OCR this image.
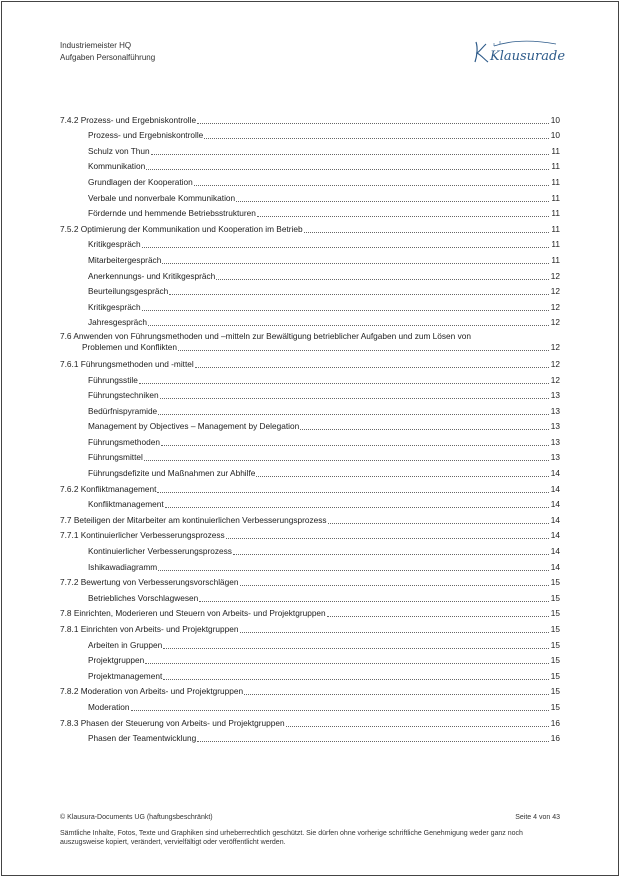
Industriemeister HQ
Aufgaben Personalführung	Klausurade
7.4.2 Prozess- und Ergebniskontrolle	10
Prozess- und Ergebniskontrolle	10
Schulz von Thun	11
Kommunikation	11
Grundlagen der Kooperation	11
Verbale und nonverbale Kommunikation	11
Fördernde und hemmende Betriebsstrukturen	11
7.5.2 Optimierung der Kommunikation und Kooperation im Betrieb	11
Kritikgespräch	11
Mitarbeitergespräch	11
Anerkennungs- und Kritikgespräch	12
Beurteilungsgespräch	12
Kritikgespräch	12
Jahresgespräch	12
7.6 Anwenden von Führungsmethoden und –mitteln zur Bewältigung betrieblicher Aufgaben und zum Lösen von
Problemen und Konflikten	12
7.6.1 Führungsmethoden und -mittel	12
Führungsstile	12
Führungstechniken	13
Bedürfnispyramide	13
Management by Objectives – Management by Delegation	13
Führungsmethoden	13
Führungsmittel	13
Führungsdefizite und Maßnahmen zur Abhilfe	14
7.6.2 Konfliktmanagement	14
Konfliktmanagement	14
7.7 Beteiligen der Mitarbeiter am kontinuierlichen Verbesserungsprozess	14
7.7.1 Kontinuierlicher Verbesserungsprozess	14
Kontinuierlicher Verbesserungsprozess	14
Ishikawadiagramm	14
7.7.2 Bewertung von Verbesserungsvorschlägen	15
Betriebliches Vorschlagwesen	15
7.8 Einrichten, Moderieren und Steuern von Arbeits- und Projektgruppen	15
7.8.1 Einrichten von Arbeits- und Projektgruppen	15
Arbeiten in Gruppen	15
Projektgruppen	15
Projektmanagement	15
7.8.2 Moderation von Arbeits- und Projektgruppen	15
Moderation	15
7.8.3 Phasen der Steuerung von Arbeits- und Projektgruppen	16
Phasen der Teamentwicklung	16
© Klausura-Documents UG (haftungsbeschränkt)	Seite 4 von 43
Sämtliche Inhalte, Fotos, Texte und Graphiken sind urheberrechtlich geschützt. Sie dürfen ohne vorherige schriftliche Genehmigung weder ganz noch auszugsweise kopiert, verändert, vervielfältigt oder veröffentlicht werden.
